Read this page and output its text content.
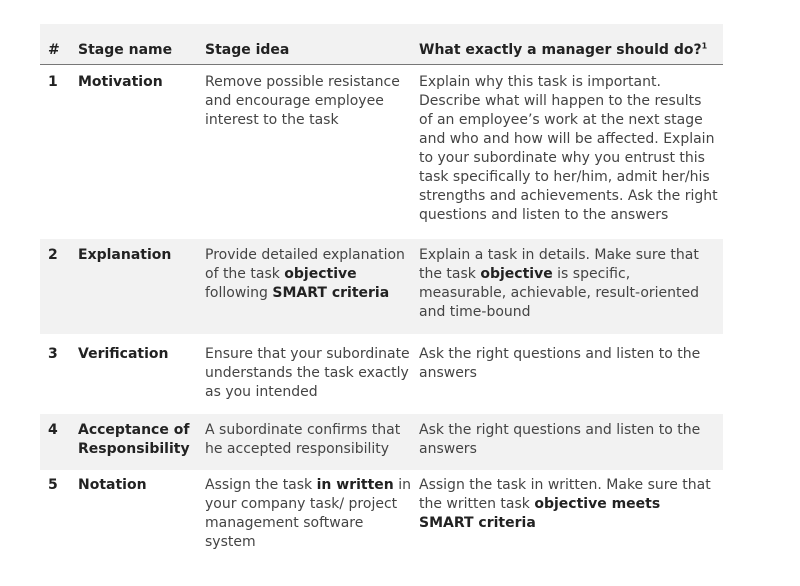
#	Stage name	Stage idea	What exactly a manager should do?$^1$
1	Motivation	Remove possible resistance and encourage employee interest to the task	Explain why this task is important. Describe what will happen to the results of an employee’s work at the next stage and who and how will be affected. Explain to your subordinate why you entrust this task specifically to her/him, admit her/his strengths and achievements. Ask the right questions and listen to the answers
2	Explanation	Provide detailed explanation of the task objective following SMART criteria	Explain a task in details. Make sure that the task objective is specific, measurable, achievable, result-oriented and time-bound
3	Verification	Ensure that your subordinate understands the task exactly as you intended	Ask the right questions and listen to the answers
4	Acceptance of Responsibility	A subordinate confirms that he accepted responsibility	Ask the right questions and listen to the answers
5	Notation	Assign the task in written in your company task/ project management software system	Assign the task in written. Make sure that the written task objective meets SMART criteria
